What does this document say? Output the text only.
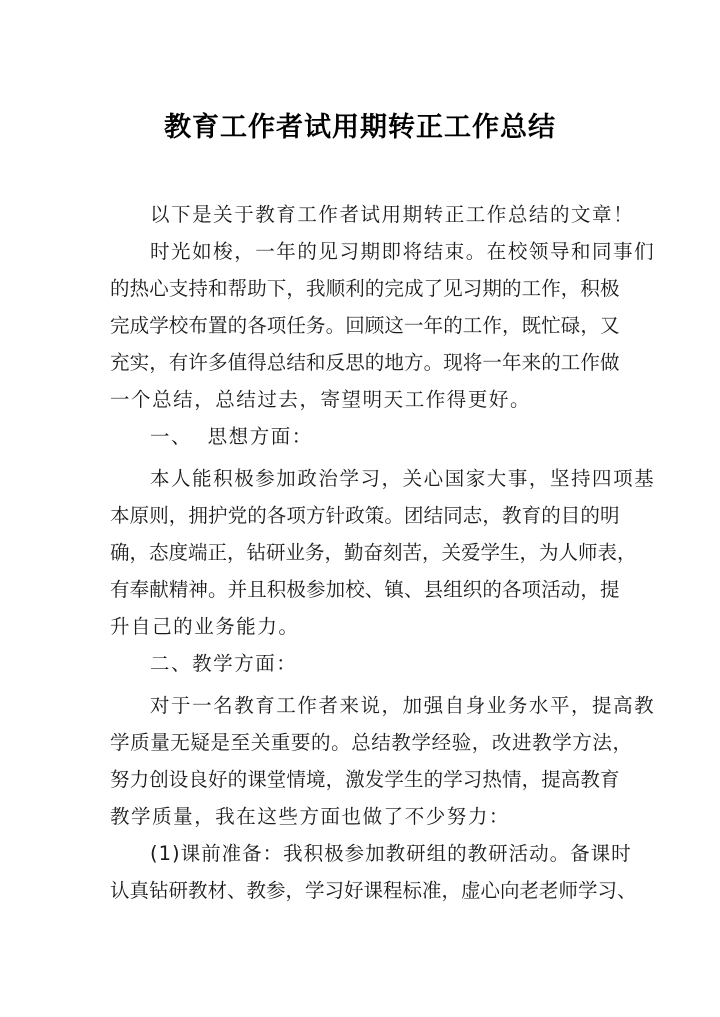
教育工作者试用期转正工作总结
以下是关于教育工作者试用期转正工作总结的文章！
时光如梭，一年的见习期即将结束。在校领导和同事们
的热心支持和帮助下，我顺利的完成了见习期的工作，积极
完成学校布置的各项任务。回顾这一年的工作，既忙碌，又
充实，有许多值得总结和反思的地方。现将一年来的工作做
一个总结，总结过去，寄望明天工作得更好。
一、  思想方面：
本人能积极参加政治学习，关心国家大事，坚持四项基
本原则，拥护党的各项方针政策。团结同志，教育的目的明
确，态度端正，钻研业务，勤奋刻苦，关爱学生，为人师表，
有奉献精神。并且积极参加校、镇、县组织的各项活动，提
升自己的业务能力。
二、教学方面：
对于一名教育工作者来说，加强自身业务水平，提高教
学质量无疑是至关重要的。总结教学经验，改进教学方法，
努力创设良好的课堂情境，激发学生的学习热情，提高教育
教学质量，我在这些方面也做了不少努力：
(1)课前准备：我积极参加教研组的教研活动。备课时
认真钻研教材、教参，学习好课程标准，虚心向老老师学习、
